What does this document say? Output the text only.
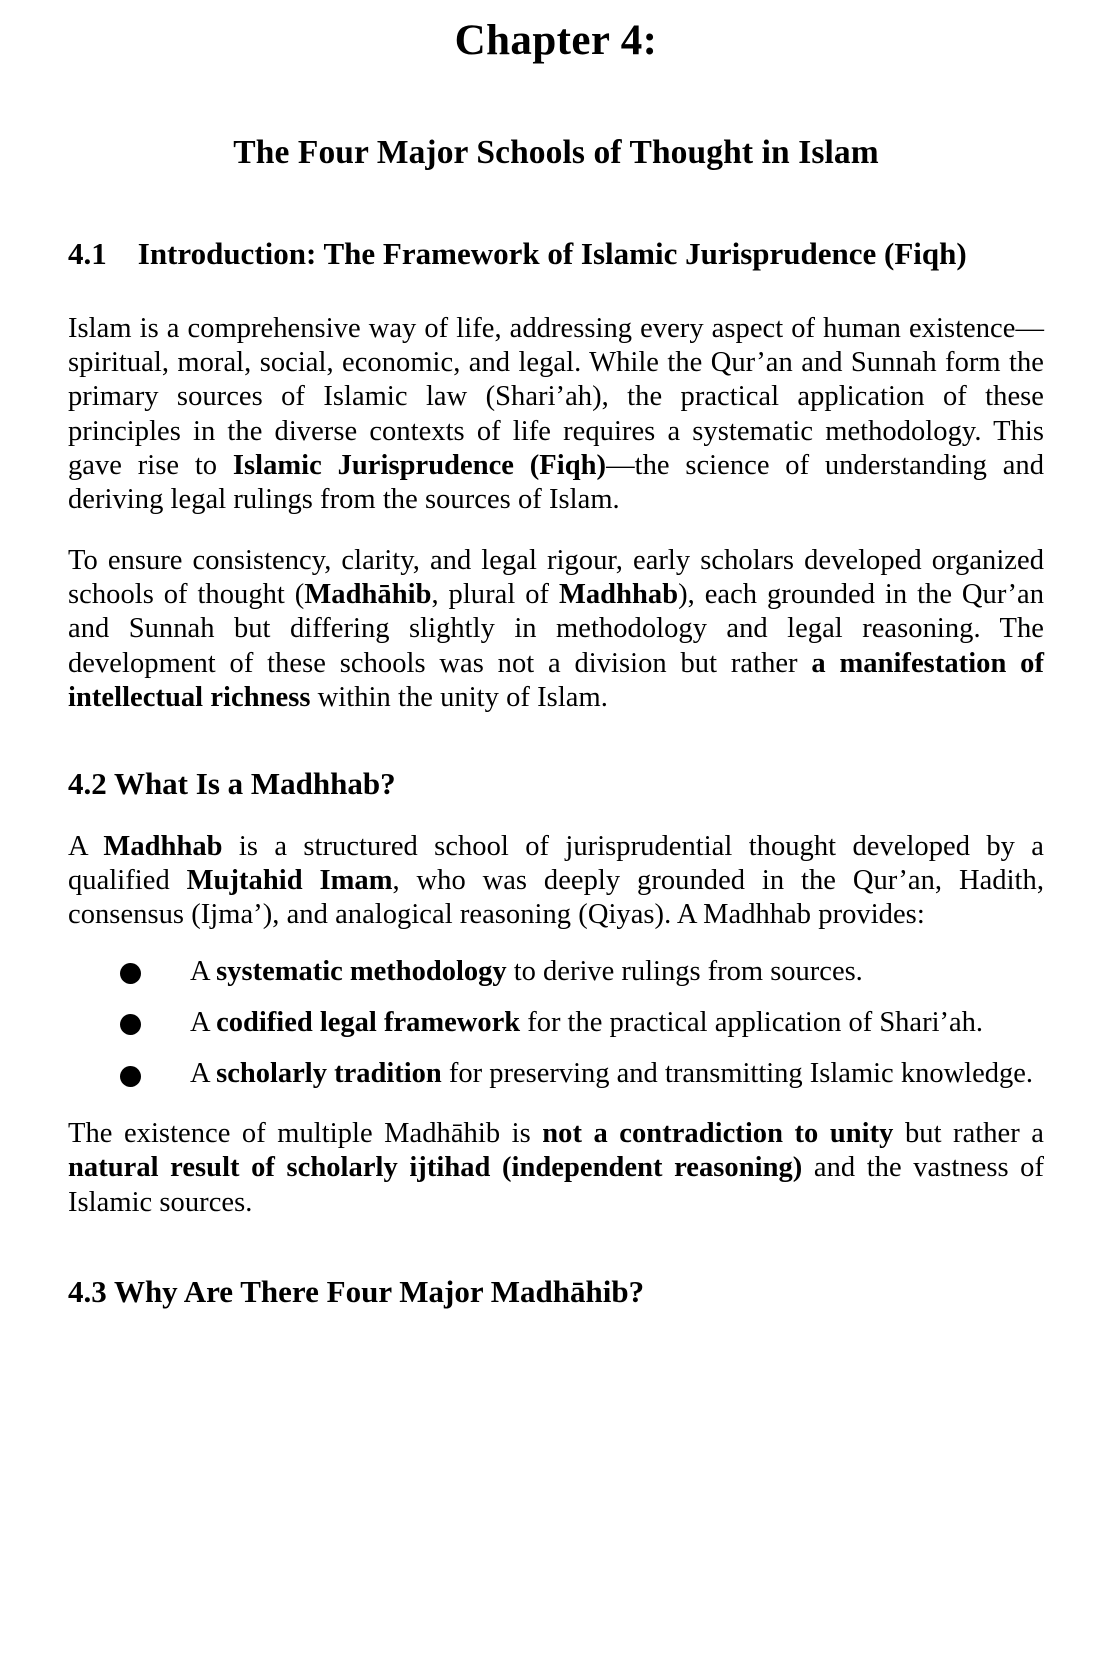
Chapter 4:
The Four Major Schools of Thought in Islam
4.1 Introduction: The Framework of Islamic Jurisprudence (Fiqh)

Islam is a comprehensive way of life, addressing every aspect of human existence—spiritual, moral, social, economic, and legal. While the Qur’an and Sunnah form the primary sources of Islamic law (Shari’ah), the practical application of these principles in the diverse contexts of life requires a systematic methodology. This gave rise to Islamic Jurisprudence (Fiqh)—the science of understanding and deriving legal rulings from the sources of Islam.

To ensure consistency, clarity, and legal rigour, early scholars developed organized schools of thought (Madhāhib, plural of Madhhab), each grounded in the Qur’an and Sunnah but differing slightly in methodology and legal reasoning. The development of these schools was not a division but rather a manifestation of intellectual richness within the unity of Islam.

4.2 What Is a Madhhab?

A Madhhab is a structured school of jurisprudential thought developed by a qualified Mujtahid Imam, who was deeply grounded in the Qur’an, Hadith, consensus (Ijma’), and analogical reasoning (Qiyas). A Madhhab provides:

A systematic methodology to derive rulings from sources.
A codified legal framework for the practical application of Shari’ah.
A scholarly tradition for preserving and transmitting Islamic knowledge.

The existence of multiple Madhāhib is not a contradiction to unity but rather a natural result of scholarly ijtihad (independent reasoning) and the vastness of Islamic sources.

4.3 Why Are There Four Major Madhāhib?
